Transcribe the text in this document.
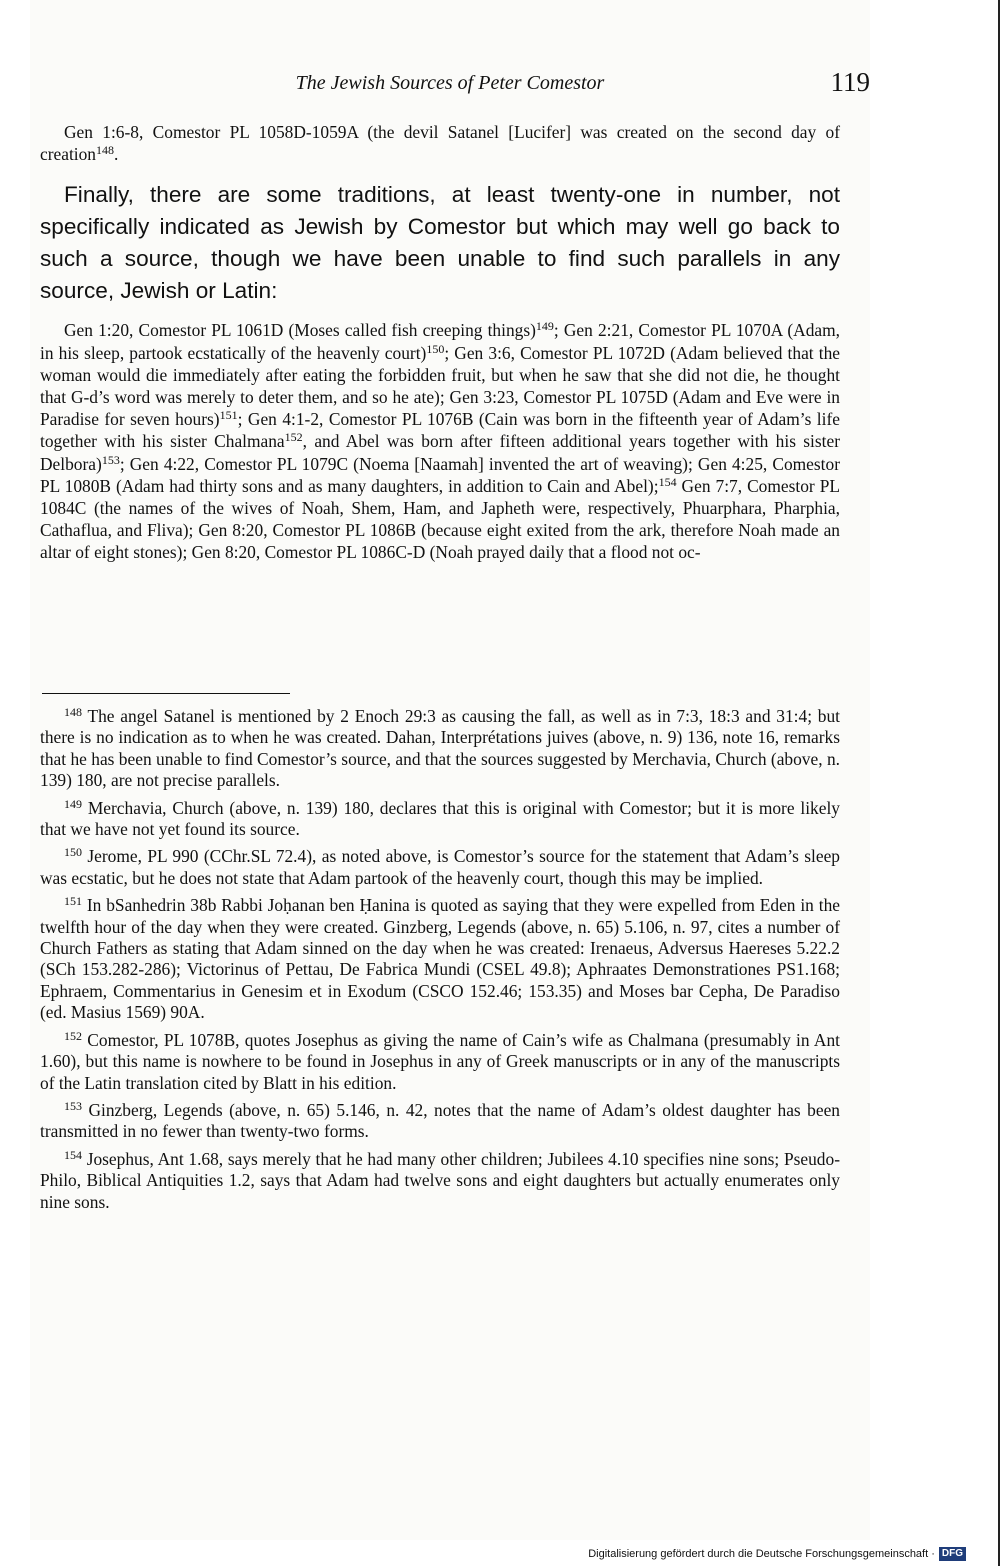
The Jewish Sources of Peter Comestor	119

Gen 1:6-8, Comestor PL 1058D-1059A (the devil Satanel [Lucifer] was created on the second day of creation$^{148}$.

Finally, there are some traditions, at least twenty-one in number, not specifically indicated as Jewish by Comestor but which may well go back to such a source, though we have been unable to find such parallels in any source, Jewish or Latin:

Gen 1:20, Comestor PL 1061D (Moses called fish creeping things)$^{149}$; Gen 2:21, Comestor PL 1070A (Adam, in his sleep, partook ecstatically of the heavenly court)$^{150}$; Gen 3:6, Comestor PL 1072D (Adam believed that the woman would die immediately after eating the forbidden fruit, but when he saw that she did not die, he thought that G-d’s word was merely to deter them, and so he ate); Gen 3:23, Comestor PL 1075D (Adam and Eve were in Paradise for seven hours)$^{151}$; Gen 4:1-2, Comestor PL 1076B (Cain was born in the fifteenth year of Adam’s life together with his sister Chalmana$^{152}$, and Abel was born after fifteen additional years together with his sister Delbora)$^{153}$; Gen 4:22, Comestor PL 1079C (Noema [Naamah] invented the art of weaving); Gen 4:25, Comestor PL 1080B (Adam had thirty sons and as many daughters, in addition to Cain and Abel);$^{154}$ Gen 7:7, Comestor PL 1084C (the names of the wives of Noah, Shem, Ham, and Japheth were, respectively, Phuarphara, Pharphia, Cathaflua, and Fliva); Gen 8:20, Comestor PL 1086B (because eight exited from the ark, therefore Noah made an altar of eight stones); Gen 8:20, Comestor PL 1086C-D (Noah prayed daily that a flood not oc-

$^{148}$ The angel Satanel is mentioned by 2 Enoch 29:3 as causing the fall, as well as in 7:3, 18:3 and 31:4; but there is no indication as to when he was created. Dahan, Interprétations juives (above, n. 9) 136, note 16, remarks that he has been unable to find Comestor’s source, and that the sources suggested by Merchavia, Church (above, n. 139) 180, are not precise parallels.

$^{149}$ Merchavia, Church (above, n. 139) 180, declares that this is original with Comestor; but it is more likely that we have not yet found its source.

$^{150}$ Jerome, PL 990 (CChr.SL 72.4), as noted above, is Comestor’s source for the statement that Adam’s sleep was ecstatic, but he does not state that Adam partook of the heavenly court, though this may be implied.

$^{151}$ In bSanhedrin 38b Rabbi Joḥanan ben Ḥanina is quoted as saying that they were expelled from Eden in the twelfth hour of the day when they were created. Ginzberg, Legends (above, n. 65) 5.106, n. 97, cites a number of Church Fathers as stating that Adam sinned on the day when he was created: Irenaeus, Adversus Haereses 5.22.2 (SCh 153.282-286); Victorinus of Pettau, De Fabrica Mundi (CSEL 49.8); Aphraates Demonstrationes PS1.168; Ephraem, Commentarius in Genesim et in Exodum (CSCO 152.46; 153.35) and Moses bar Cepha, De Paradiso (ed. Masius 1569) 90A.

$^{152}$ Comestor, PL 1078B, quotes Josephus as giving the name of Cain’s wife as Chalmana (presumably in Ant 1.60), but this name is nowhere to be found in Josephus in any of Greek manuscripts or in any of the manuscripts of the Latin translation cited by Blatt in his edition.

$^{153}$ Ginzberg, Legends (above, n. 65) 5.146, n. 42, notes that the name of Adam’s oldest daughter has been transmitted in no fewer than twenty-two forms.

$^{154}$ Josephus, Ant 1.68, says merely that he had many other children; Jubilees 4.10 specifies nine sons; Pseudo-Philo, Biblical Antiquities 1.2, says that Adam had twelve sons and eight daughters but actually enumerates only nine sons.

Digitalisierung gefördert durch die Deutsche Forschungsgemeinschaft · DFG
